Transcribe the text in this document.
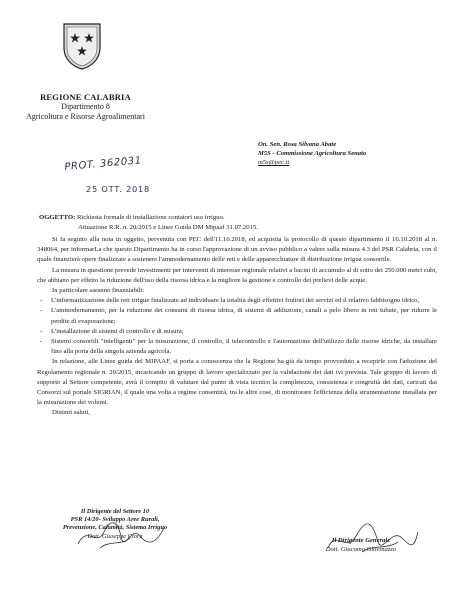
REGIONE CALABRIA
Dipartimento 8
Agricoltura e Risorse Agroalimentari
On. Sen. Rosa Silvana Abate
M5S - Commissione Agricoltura Senato
m5s@pec.it
PROT. 362031
25 OTT. 2018
OGGETTO: Richiesta formale di installazione contatori uso irriguo.
Attuazione R.R. n. 20/2015 e Linee Guida DM Mipaaf 31.07.2015.

Si fa seguito alla nota in oggetto, pervenuta con PEC dell'11.10.2018, ed acquisita la protocollo di questo dipartimento il 16.10.2018 al n. 348064, per informarLa che questo Dipartimento ha in corso l'approvazione di un avviso pubblico a valere sulla misura 4.3 del PSR Calabria, con il quale finanzierà opere finalizzate a sostenere l'ammodernamento delle reti e delle apparecchiature di distribuzione irrigua consortile.

La misura in questione prevede investimenti per interventi di interesse regionale relativi a bacini di accumulo al di sotto dei 250.000 metri cubi, che abbiano per effetto la riduzione dell'uso della risorsa idrica e la migliore la gestione e controllo dei prelievi delle acque.

In particolare saranno finanziabili:

- L'informatizzazione delle reti irrigue finalizzate ad individuare la totalità degli effettivi fruitori dei servizi ed il relativo fabbisogno idrico,
- L'ammodernamento, per la riduzione dei consumi di risorsa idrica, di sistemi di adduzione, canali a pelo libero in reti tubate, per ridurre le perdite di evaporazione;
- L'installazione di sistemi di controllo e di misura;
- Sistemi consortili "intelligenti" per la misurazione, il controllo, il telecontrollo e l'automazione dell'utilizzo delle risorse idriche, da installare fino alla porta della singola azienda agricola.

In relazione, alle Linee guida del MIPAAF, si porta a conoscenza che la Regione ha già da tempo provveduto a recepirle con l'adozione del Regolamento regionale n. 20/2015, incaricando un gruppo di lavoro specializzato per la validazione dei dati ivi prevista. Tale gruppo di lavoro di supporto al Settore competente, avrà il compito di valutare dal punto di vista tecnico la completezza, consistenza e congruità dei dati, caricati dai Consorzi sul portale SIGRIAN, il quale una volta a regime consentirà, tra le altre cose, di monitorare l'efficienza della strumentazione installata per la misurazione dei volumi.

Distinti saluti,

Il Dirigente del Settore 10
PSR 14/20- Sviluppo Aree Rurali,
Prevenzione, Calamità, Sistema Irriguo
Dott. Giuseppe Clora
Il Dirigente Generale
Dott. Giacomo Giovinazzo
